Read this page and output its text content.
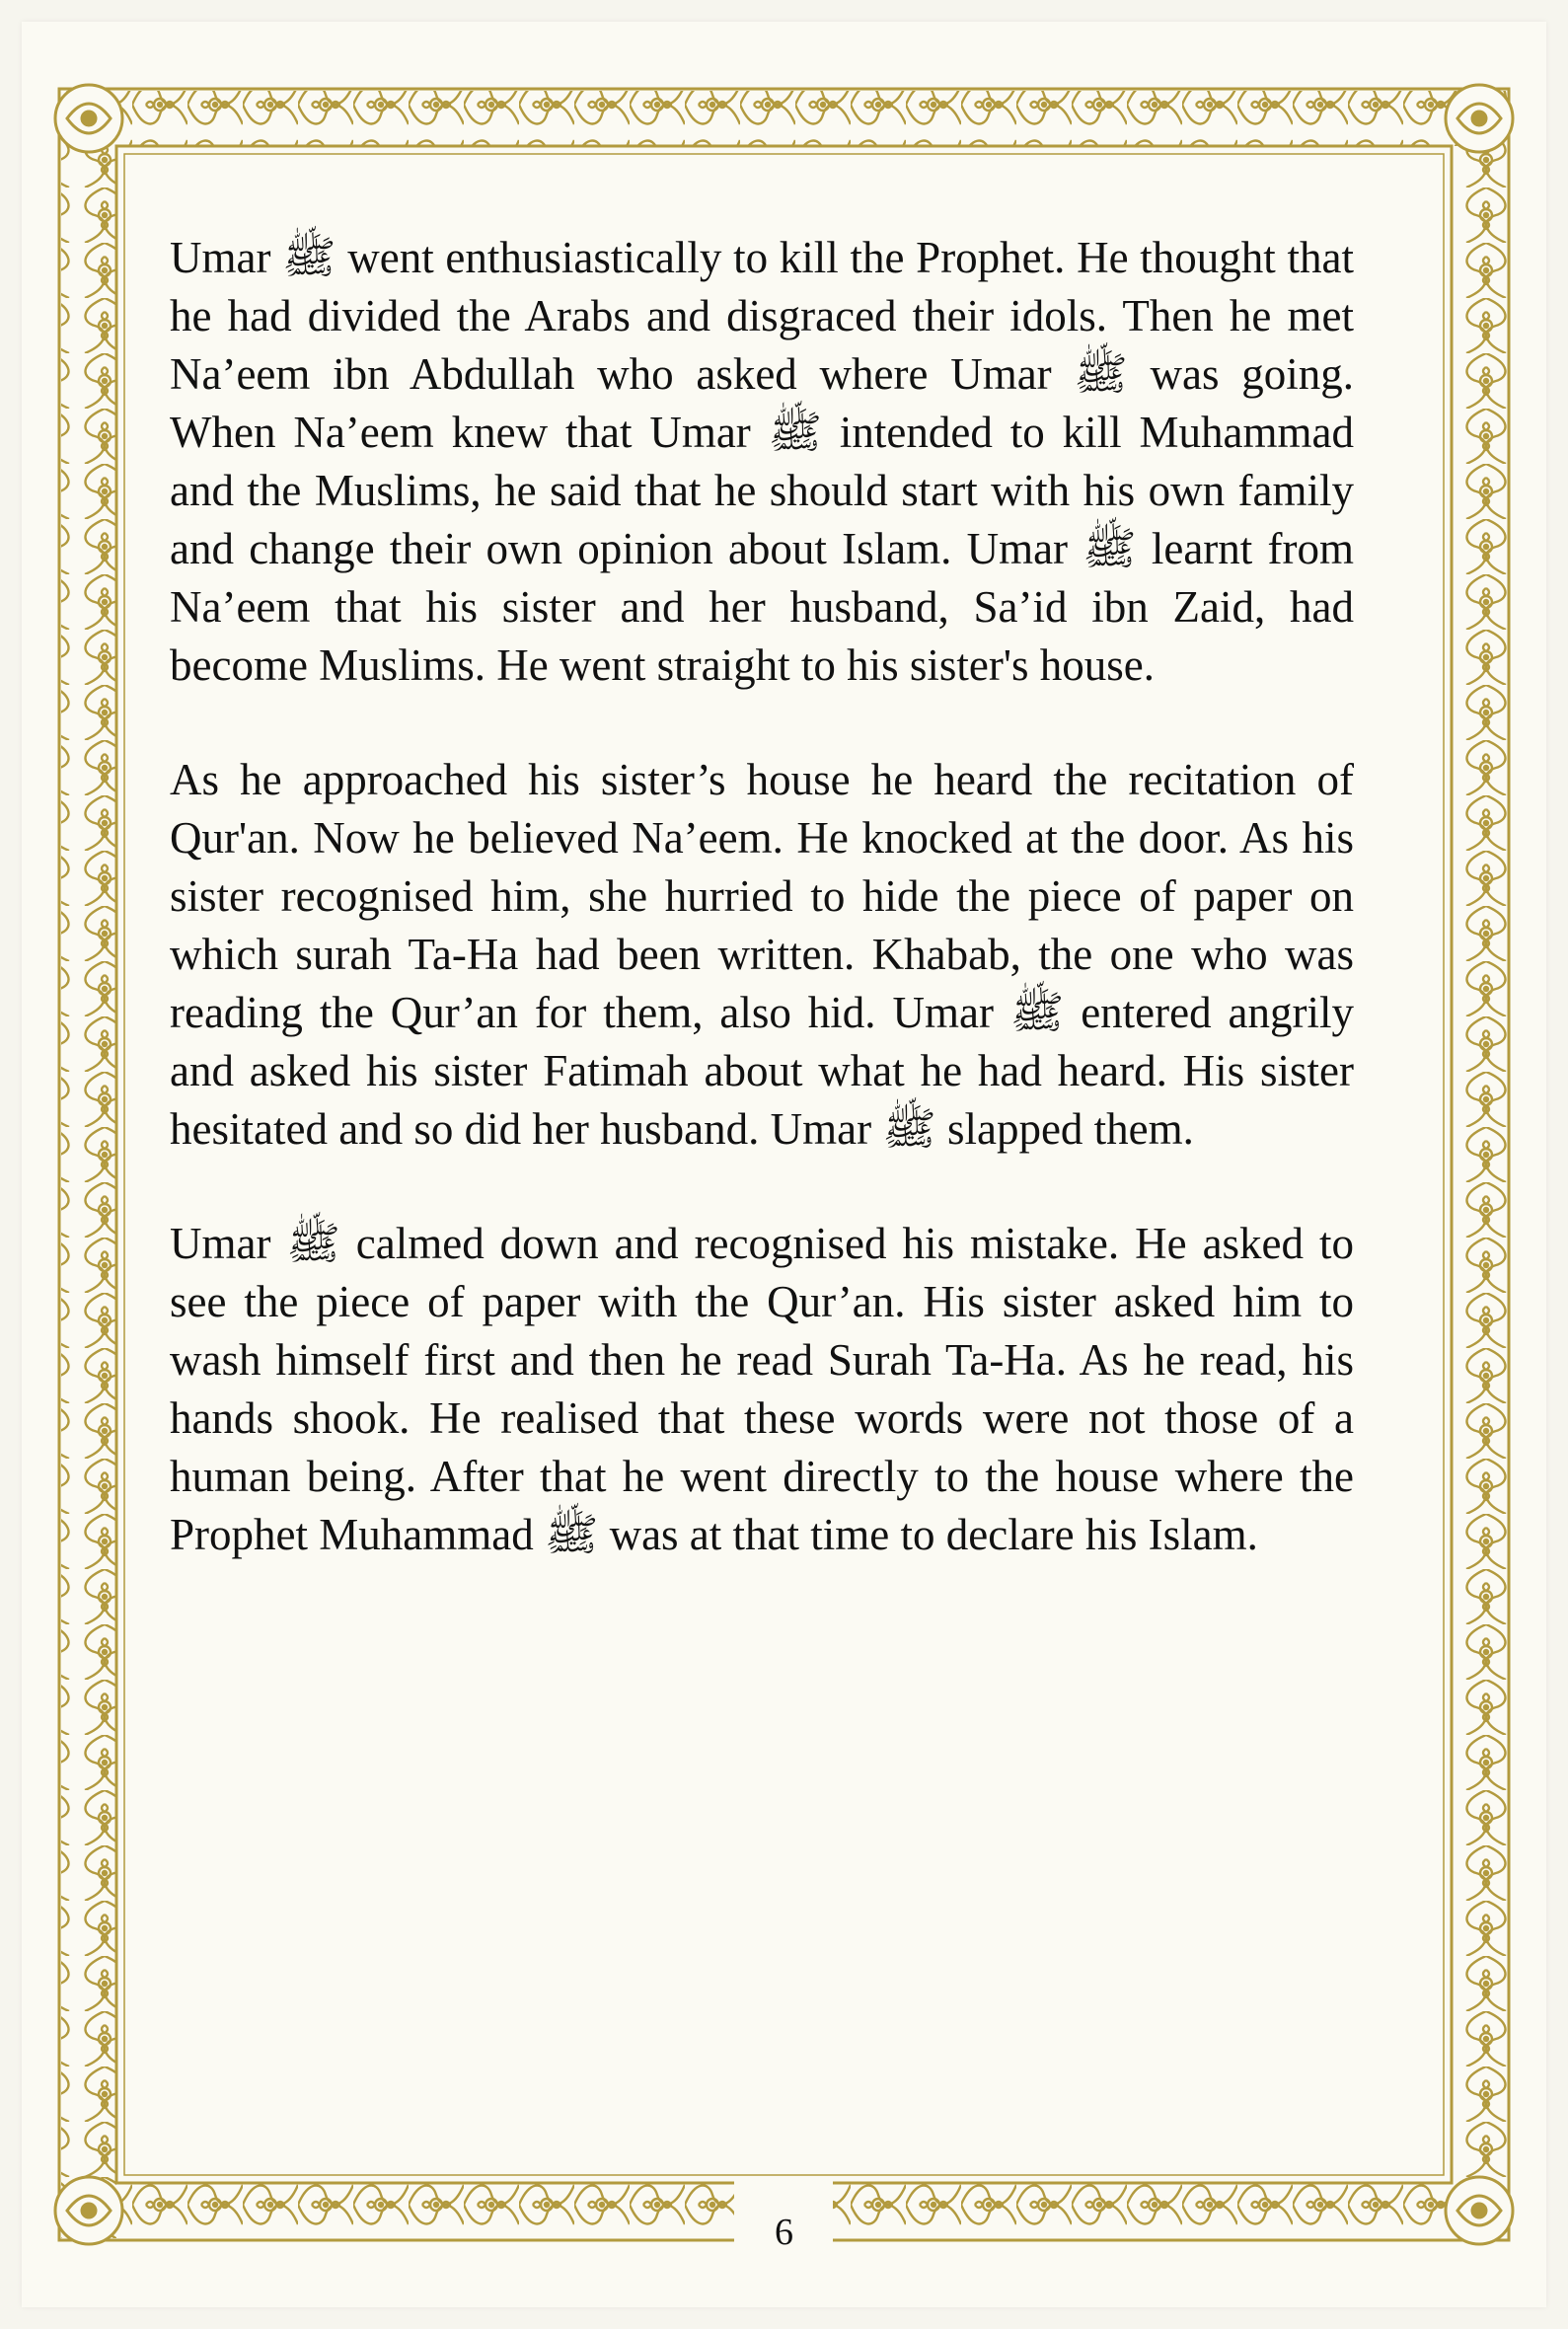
Umar ﷺ went enthusiastically to kill the Prophet. He thought that he had divided the Arabs and disgraced their idols. Then he met Na’eem ibn Abdullah who asked where Umar ﷺ was going. When Na’eem knew that Umar ﷺ intended to kill Muhammad and the Muslims, he said that he should start with his own family and change their own opinion about Islam. Umar ﷺ learnt from Na’eem that his sister and her husband, Sa’id ibn Zaid, had become Muslims. He went straight to his sister's house.

As he approached his sister’s house he heard the recitation of Qur'an. Now he believed Na’eem. He knocked at the door. As his sister recognised him, she hurried to hide the piece of paper on which surah Ta-Ha had been written. Khabab, the one who was reading the Qur’an for them, also hid. Umar ﷺ entered angrily and asked his sister Fatimah about what he had heard. His sister hesitated and so did her husband. Umar ﷺ slapped them.

Umar ﷺ calmed down and recognised his mistake. He asked to see the piece of paper with the Qur’an. His sister asked him to wash himself first and then he read Surah Ta-Ha. As he read, his hands shook. He realised that these words were not those of a human being. After that he went directly to the house where the Prophet Muhammad ﷺ was at that time to declare his Islam.

6
